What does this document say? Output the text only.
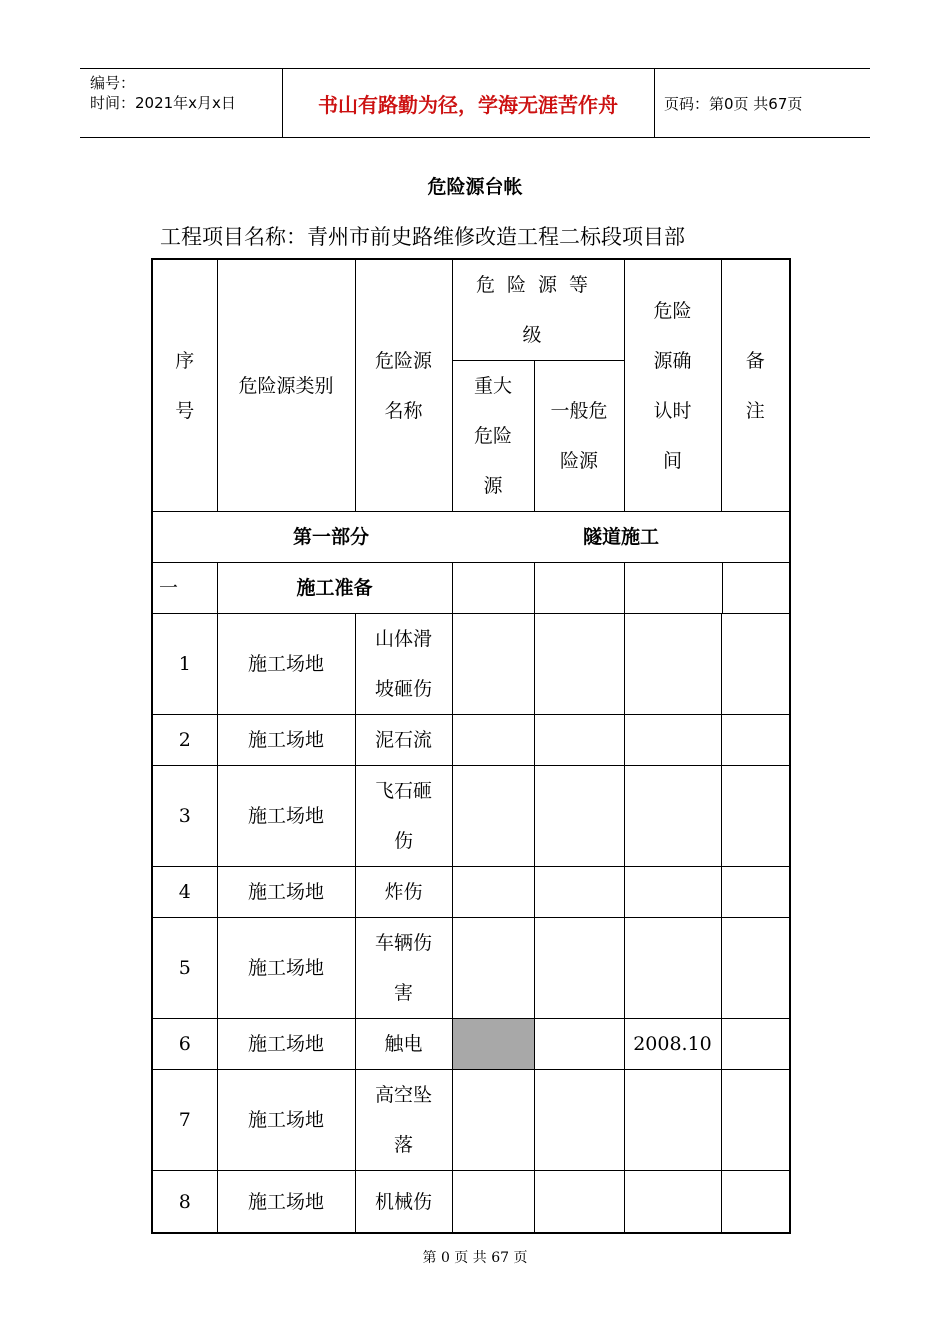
编号：
时间：2021年x月x日	书山有路勤为径，学海无涯苦作舟	页码：第0页 共67页
危险源台帐
工程项目名称：青州市前史路维修改造工程二标段项目部
序号	危险源类别	危险源名称	危险源等级		危险源确认时间	备注

			重大危险源	一般危险源		

第一部分 隧道施工						

一	施工准备					

1	施工场地	山体滑坡砸伤				

2	施工场地	泥石流				
3	施工场地	飞石砸伤				

4	施工场地	炸伤				
5	施工场地	车辆伤害				

6	施工场地	触电			2008.10	
7	施工场地	高空坠落				

8	施工场地	机械伤				
第 0 页 共 67 页
